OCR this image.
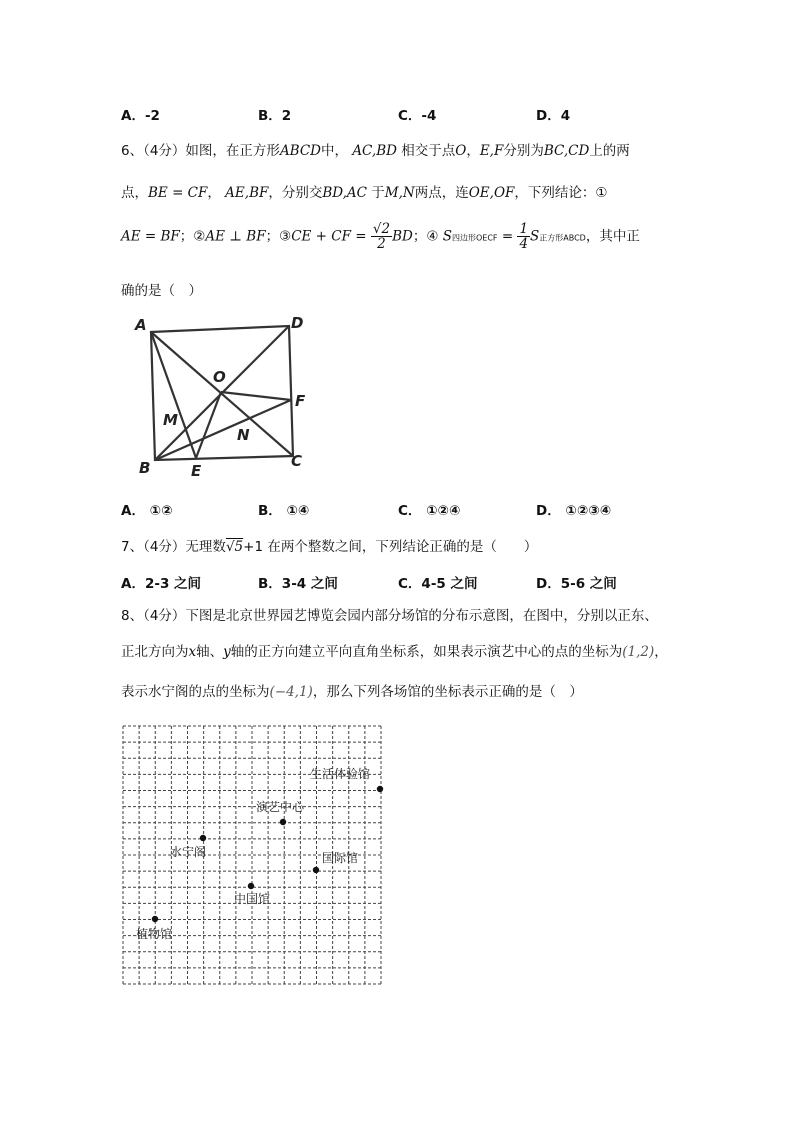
A．-2	B．2	C．-4	D．4
6、（4分）如图，在正方形ABCD中， AC,BD 相交于点O，E,F分别为BC,CD上的两
点，BE = CF， AE,BF，分别交BD,AC 于M,N两点，连OE,OF，下列结论：①
AE = BF；②AE ⊥ BF；③CE + CF = $\frac{√2}{2}$ BD；④ S四边形OECF = $\frac{1}{4}$ S正方形ABCD，其中正
确的是（　）
A	D
O
F
M
N
B	E
C
A． ①②	B． ①④	C． ①②④	D． ①②③④
7、（4分）无理数√5+1 在两个整数之间，下列结论正确的是（　　）
A．2-3 之间	B．3-4 之间	C．4-5 之间	D．5-6 之间
8、（4分）下图是北京世界园艺博览会园内部分场馆的分布示意图，在图中，分别以正东、
正北方向为x轴、y轴的正方向建立平向直角坐标系，如果表示演艺中心的点的坐标为(1,2)，
表示水宁阁的点的坐标为(−4,1)，那么下列各场馆的坐标表示正确的是（　）
生活体验馆
演艺中心
水宁阁	国际馆
中国馆
植物馆
